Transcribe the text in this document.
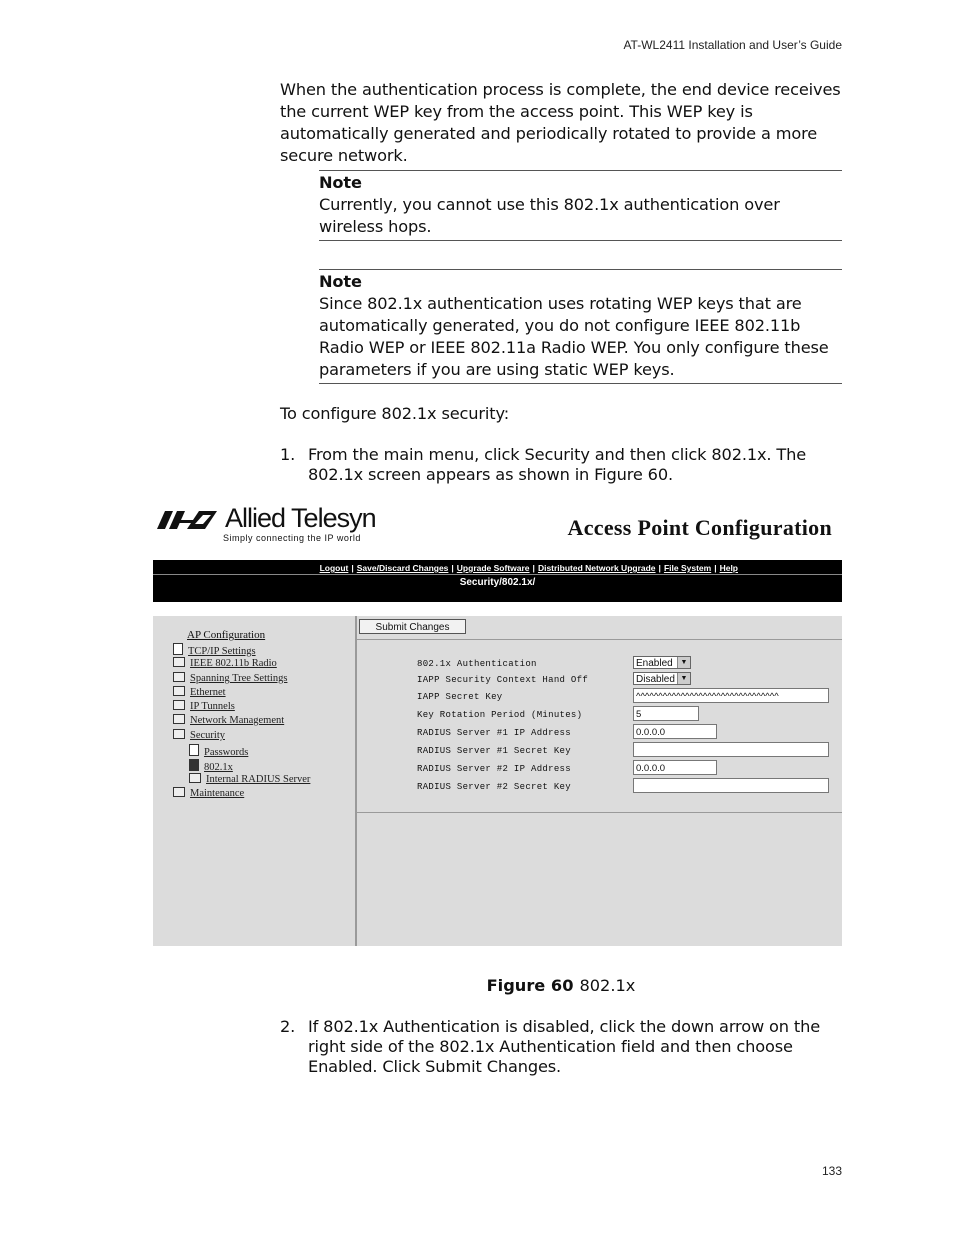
AT-WL2411 Installation and User’s Guide
When the authentication process is complete, the end device receives the current WEP key from the access point. This WEP key is automatically generated and periodically rotated to provide a more secure network.
Note
Currently, you cannot use this 802.1x authentication over wireless hops.
Note
Since 802.1x authentication uses rotating WEP keys that are automatically generated, you do not configure IEEE 802.11b Radio WEP or IEEE 802.11a Radio WEP. You only configure these parameters if you are using static WEP keys.
To configure 802.1x security:
1. From the main menu, click Security and then click 802.1x. The 802.1x screen appears as shown in Figure 60.
Allied Telesyn
Simply connecting the IP world	Access Point Configuration
Logout | Save/Discard Changes | Upgrade Software | Distributed Network Upgrade | File System | Help
Security/802.1x/
AP Configuration
TCP/IP Settings
IEEE 802.11b Radio
Spanning Tree Settings
Ethernet
IP Tunnels
Network Management
Security
Passwords
802.1x
Internal RADIUS Server
Maintenance
Submit Changes
802.1x Authentication	Enabled	▼
IAPP Security Context Hand Off	Disabled ▼
IAPP Secret Key	^^^^^^^^^^^^^^^^^^^^^^^^^^^^^^^^
Key Rotation Period (Minutes)	5
RADIUS Server #1 IP Address	0.0.0.0
RADIUS Server #1 Secret Key
RADIUS Server #2 IP Address	0.0.0.0
RADIUS Server #2 Secret Key
Figure 60 802.1x
2. If 802.1x Authentication is disabled, click the down arrow on the right side of the 802.1x Authentication field and then choose Enabled. Click Submit Changes.
133
